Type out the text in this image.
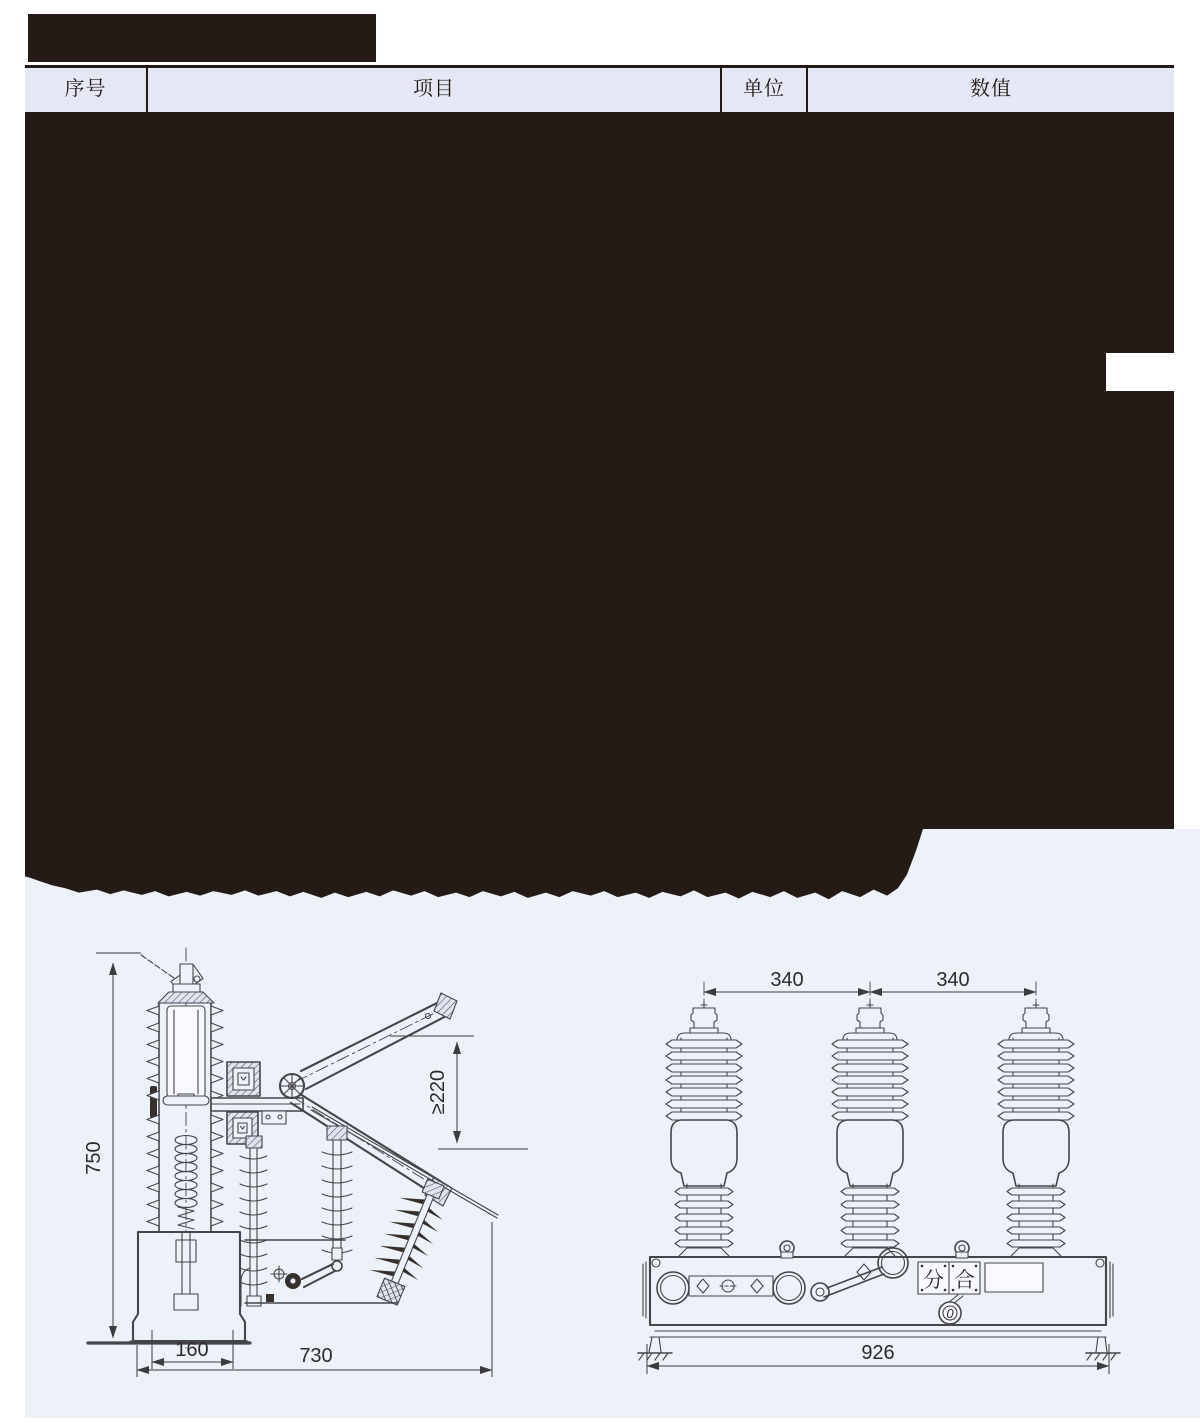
序号	项目	单位	数值
750
≥220
160	730
340	340
926
分 合
0
